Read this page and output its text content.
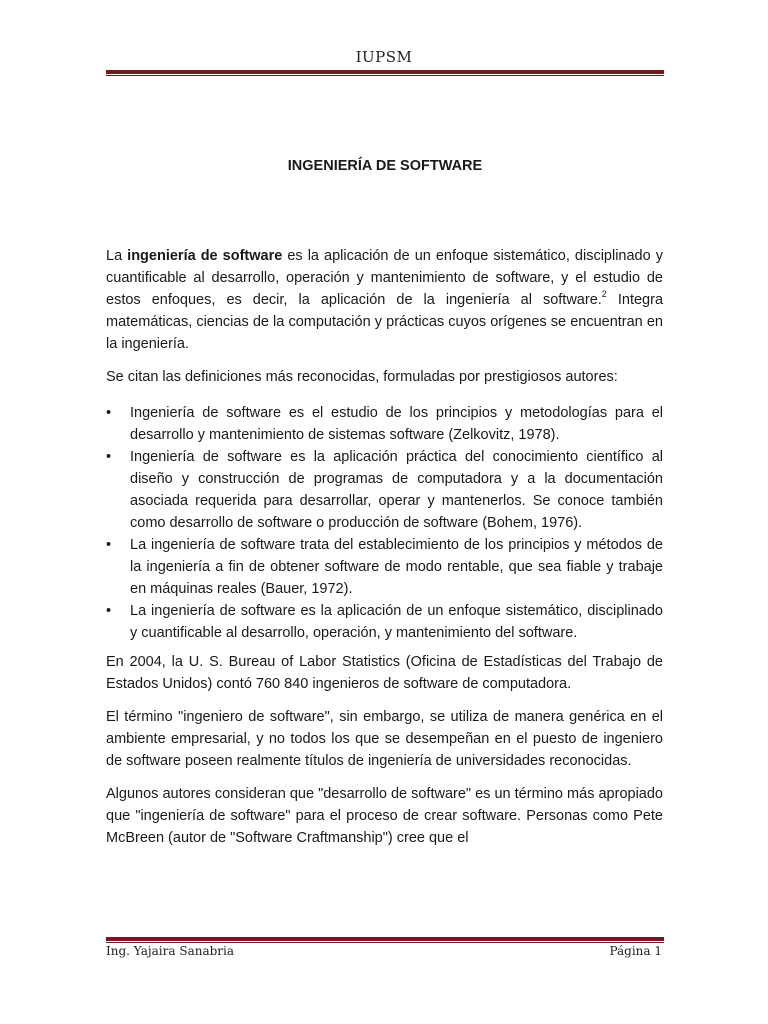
IUPSM
INGENIERÍA DE SOFTWARE

La ingeniería de software es la aplicación de un enfoque sistemático, disciplinado y cuantificable al desarrollo, operación y mantenimiento de software, y el estudio de estos enfoques, es decir, la aplicación de la ingeniería al software.$^2$ Integra matemáticas, ciencias de la computación y prácticas cuyos orígenes se encuentran en la ingeniería.

Se citan las definiciones más reconocidas, formuladas por prestigiosos autores:

• Ingeniería de software es el estudio de los principios y metodologías para el desarrollo y mantenimiento de sistemas software (Zelkovitz, 1978).
• Ingeniería de software es la aplicación práctica del conocimiento científico al diseño y construcción de programas de computadora y a la documentación asociada requerida para desarrollar, operar y mantenerlos. Se conoce también como desarrollo de software o producción de software (Bohem, 1976).
• La ingeniería de software trata del establecimiento de los principios y métodos de la ingeniería a fin de obtener software de modo rentable, que sea fiable y trabaje en máquinas reales (Bauer, 1972).
• La ingeniería de software es la aplicación de un enfoque sistemático, disciplinado y cuantificable al desarrollo, operación, y mantenimiento del software.

En 2004, la U. S. Bureau of Labor Statistics (Oficina de Estadísticas del Trabajo de Estados Unidos) contó 760 840 ingenieros de software de computadora.

El término "ingeniero de software", sin embargo, se utiliza de manera genérica en el ambiente empresarial, y no todos los que se desempeñan en el puesto de ingeniero de software poseen realmente títulos de ingeniería de universidades reconocidas.

Algunos autores consideran que "desarrollo de software" es un término más apropiado que "ingeniería de software" para el proceso de crear software. Personas como Pete McBreen (autor de "Software Craftmanship") cree que el

Ing. Yajaira Sanabria	Página 1
